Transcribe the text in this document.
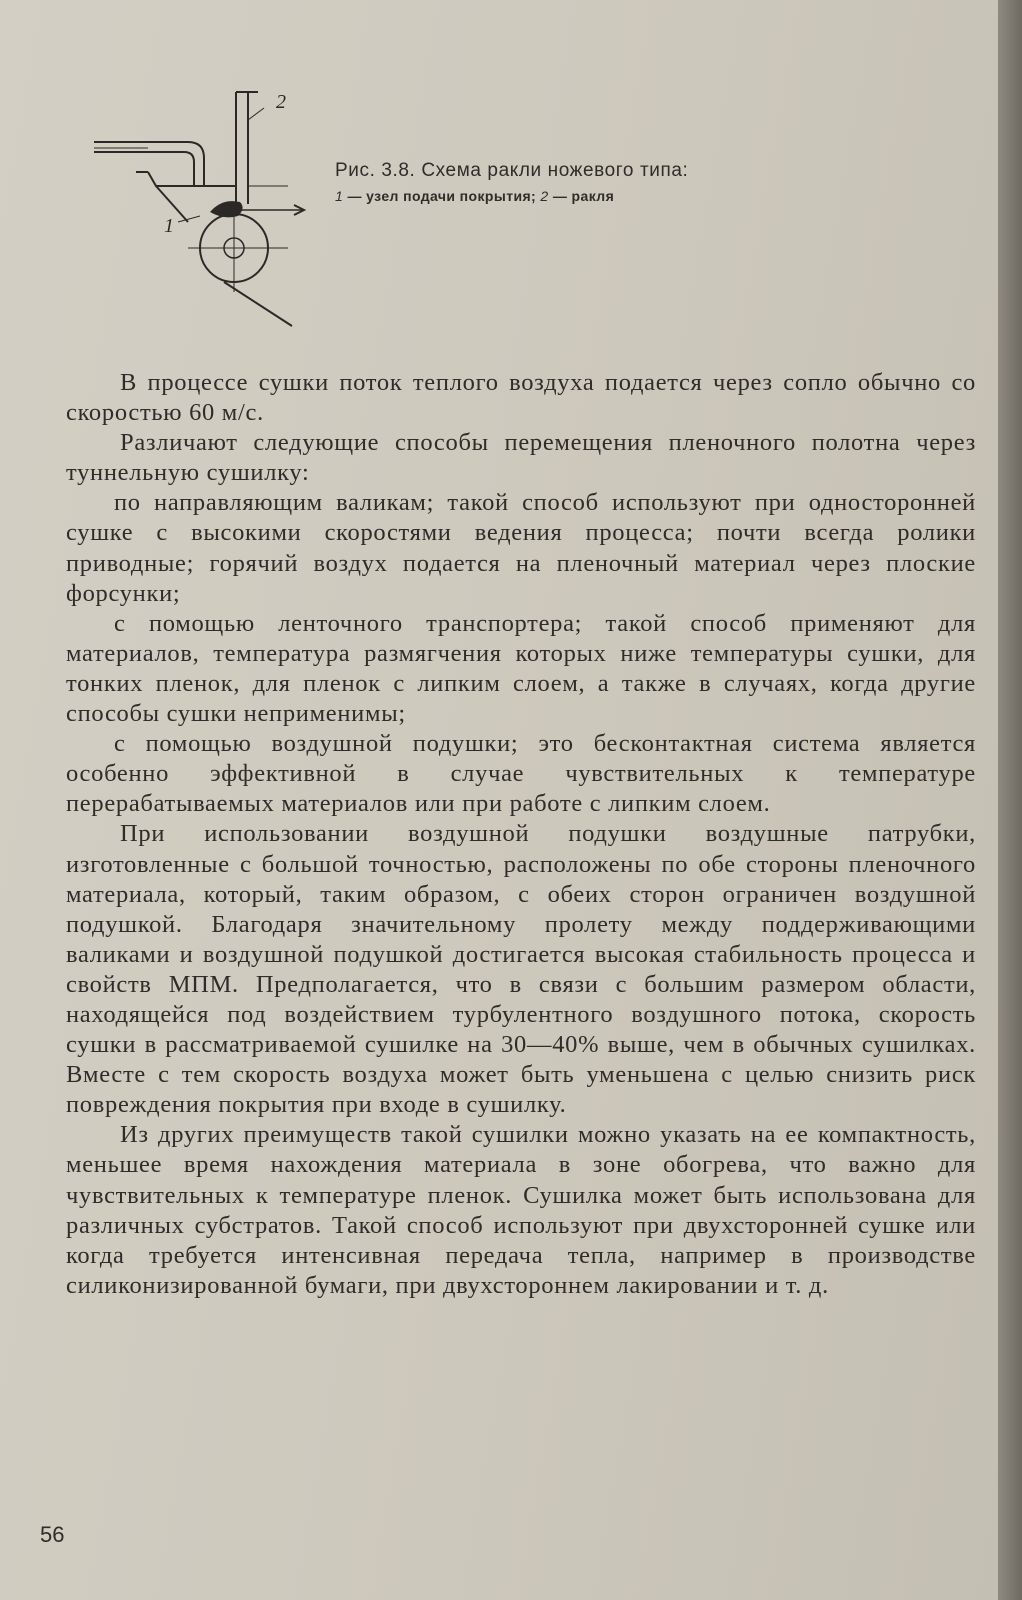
2
1
Рис. 3.8. Схема ракли ножевого типа:
1 — узел подачи покрытия; 2 — ракля

В процессе сушки поток теплого воздуха подается через сопло обычно со скоростью 60 м/с.

Различают следующие способы перемещения пленочного полотна через туннельную сушилку:

по направляющим валикам; такой способ используют при односторонней сушке с высокими скоростями ведения процесса; почти всегда ролики приводные; горячий воздух подается на пленочный материал через плоские форсунки;

с помощью ленточного транспортера; такой способ применяют для материалов, температура размягчения которых ниже температуры сушки, для тонких пленок, для пленок с липким слоем, а также в случаях, когда другие способы сушки неприменимы;

с помощью воздушной подушки; это бесконтактная система является особенно эффективной в случае чувствительных к температуре перерабатываемых материалов или при работе с липким слоем.

При использовании воздушной подушки воздушные патрубки, изготовленные с большой точностью, расположены по обе стороны пленочного материала, который, таким образом, с обеих сторон ограничен воздушной подушкой. Благодаря значительному пролету между поддерживающими валиками и воздушной подушкой достигается высокая стабильность процесса и свойств МПМ. Предполагается, что в связи с большим размером области, находящейся под воздействием турбулентного воздушного потока, скорость сушки в рассматриваемой сушилке на 30—40% выше, чем в обычных сушилках. Вместе с тем скорость воздуха может быть уменьшена с целью снизить риск повреждения покрытия при входе в сушилку.

Из других преимуществ такой сушилки можно указать на ее компактность, меньшее время нахождения материала в зоне обогрева, что важно для чувствительных к температуре пленок. Сушилка может быть использована для различных субстратов. Такой способ используют при двухсторонней сушке или когда требуется интенсивная передача тепла, например в производстве силиконизированной бумаги, при двухстороннем лакировании и т. д.

56
